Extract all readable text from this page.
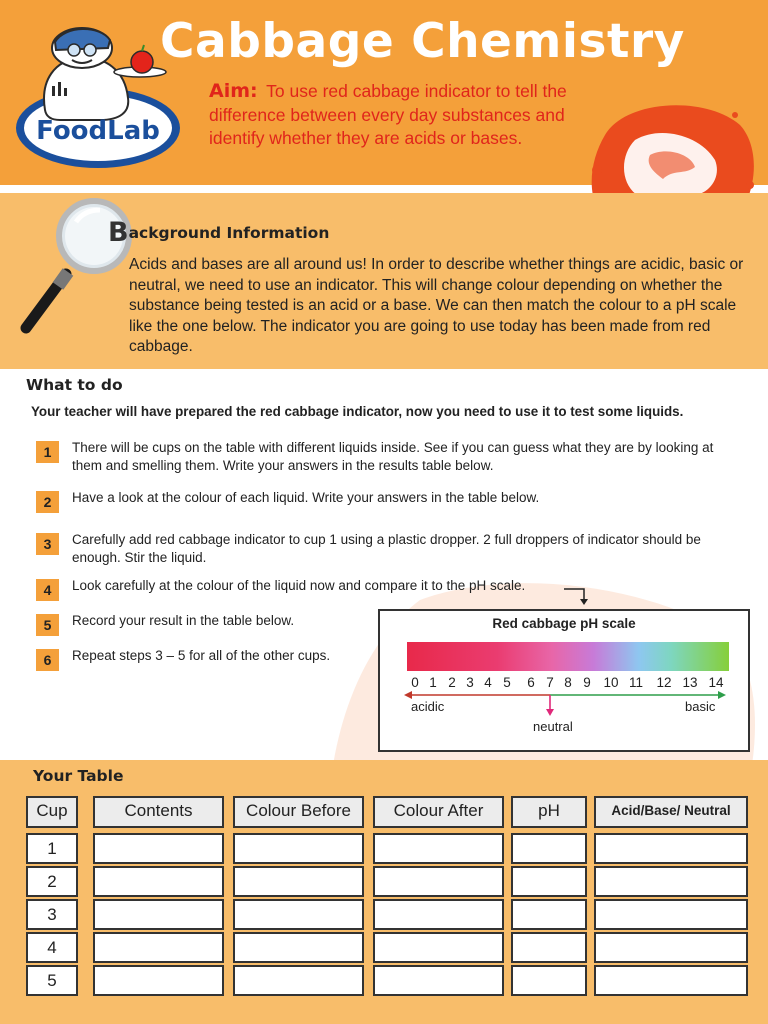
FoodLab
Cabbage Chemistry
Aim: To use red cabbage indicator to tell the difference between every day substances and identify whether they are acids or bases.
Background Information

Acids and bases are all around us! In order to describe whether things are acidic, basic or neutral, we need to use an indicator. This will change colour depending on whether the substance being tested is an acid or a base. We can then match the colour to a pH scale like the one below. The indicator you are going to use today has been made from red cabbage.

What to do
Your teacher will have prepared the red cabbage indicator, now you need to use it to test some liquids.
1	There will be cups on the table with different liquids inside. See if you can guess what they are by looking at them and smelling them. Write your answers in the results table below.
2	Have a look at the colour of each liquid. Write your answers in the table below.
3	Carefully add red cabbage indicator to cup 1 using a plastic dropper. 2 full droppers of indicator should be enough. Stir the liquid.
4	Look carefully at the colour of the liquid now and compare it to the pH scale.
5	Record your result in the table below.
6	Repeat steps 3 – 5 for all of the other cups.
Red cabbage pH scale
0 1 2 3 4 5 6 7 8 9 10 11 12 13 14
acidic	basic
neutral
Your Table
Cup	Contents	Colour Before	Colour After	pH	Acid/Base/ Neutral
1
2
3
4
5
